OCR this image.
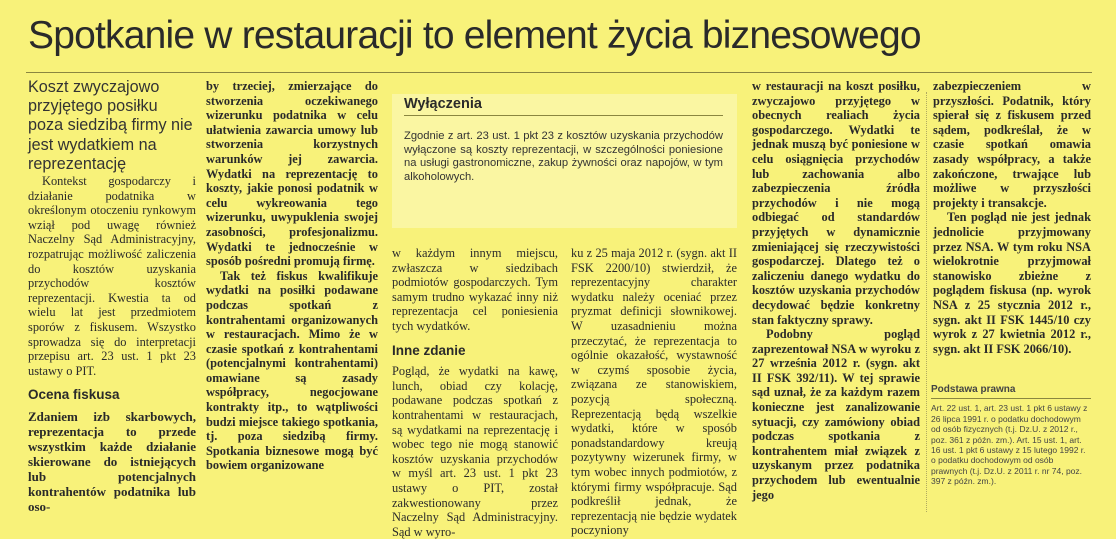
Spotkanie w restauracji to element życia biznesowego

Koszt zwyczajowo przyjętego posiłku poza siedzibą firmy nie jest wydatkiem na reprezentację

Kontekst gospodarczy i działanie podatnika w określonym otoczeniu rynkowym wziął pod uwagę również Naczelny Sąd Administracyjny, rozpatrując możliwość zaliczenia do kosztów uzyskania przychodów kosztów reprezentacji. Kwestia ta od wielu lat jest przedmiotem sporów z fiskusem. Wszystko sprowadza się do interpretacji przepisu art. 23 ust. 1 pkt 23 ustawy o PIT.

Ocena fiskusa

Zdaniem izb skarbowych, reprezentacja to przede wszystkim każde działanie skierowane do istniejących lub potencjalnych kontrahentów podatnika lub oso-

by trzeciej, zmierzające do stworzenia oczekiwanego wizerunku podatnika w celu ułatwienia zawarcia umowy lub stworzenia korzystnych warunków jej zawarcia. Wydatki na reprezentację to koszty, jakie ponosi podatnik w celu wykreowania tego wizerunku, uwypuklenia swojej zasobności, profesjonalizmu. Wydatki te jednocześnie w sposób pośredni promują firmę.

Tak też fiskus kwalifikuje wydatki na posiłki podawane podczas spotkań z kontrahentami organizowanych w restauracjach. Mimo że w czasie spotkań z kontrahentami (potencjalnymi kontrahentami) omawiane są zasady współpracy, negocjowane kontrakty itp., to wątpliwości budzi miejsce takiego spotkania, tj. poza siedzibą firmy. Spotkania biznesowe mogą być bowiem organizowane

Wyłączenia
Zgodnie z art. 23 ust. 1 pkt 23 z kosztów uzyskania przychodów wyłączone są koszty reprezentacji, w szczególności poniesione na usługi gastronomiczne, zakup żywności oraz napojów, w tym alkoholowych.

w każdym innym miejscu, zwłaszcza w siedzibach podmiotów gospodarczych. Tym samym trudno wykazać inny niż reprezentacja cel poniesienia tych wydatków.

Inne zdanie

Pogląd, że wydatki na kawę, lunch, obiad czy kolację, podawane podczas spotkań z kontrahentami w restauracjach, są wydatkami na reprezentację i wobec tego nie mogą stanowić kosztów uzyskania przychodów w myśl art. 23 ust. 1 pkt 23 ustawy o PIT, został zakwestionowany przez Naczelny Sąd Administracyjny. Sąd w wyro-

ku z 25 maja 2012 r. (sygn. akt II FSK 2200/10) stwierdził, że reprezentacyjny charakter wydatku należy oceniać przez pryzmat definicji słownikowej. W uzasadnieniu można przeczytać, że reprezentacja to ogólnie okazałość, wystawność w czymś sposobie życia, związana ze stanowiskiem, pozycją społeczną. Reprezentacją będą wszelkie wydatki, które w sposób ponadstandardowy kreują pozytywny wizerunek firmy, w tym wobec innych podmiotów, z którymi firmy współpracuje. Sąd podkreślił jednak, że reprezentacją nie będzie wydatek poczyniony

w restauracji na koszt posiłku, zwyczajowo przyjętego w obecnych realiach życia gospodarczego. Wydatki te jednak muszą być poniesione w celu osiągnięcia przychodów lub zachowania albo zabezpieczenia źródła przychodów i nie mogą odbiegać od standardów przyjętych w dynamicznie zmieniającej się rzeczywistości gospodarczej. Dlatego też o zaliczeniu danego wydatku do kosztów uzyskania przychodów decydować będzie konkretny stan faktyczny sprawy.

Podobny pogląd zaprezentował NSA w wyroku z 27 września 2012 r. (sygn. akt II FSK 392/11). W tej sprawie sąd uznał, że za każdym razem konieczne jest zanalizowanie sytuacji, czy zamówiony obiad podczas spotkania z kontrahentem miał związek z uzyskanym przez podatnika przychodem lub ewentualnie jego

zabezpieczeniem w przyszłości. Podatnik, który spierał się z fiskusem przed sądem, podkreślał, że w czasie spotkań omawia zasady współpracy, a także zakończone, trwające lub możliwe w przyszłości projekty i transakcje.

Ten pogląd nie jest jednak jednolicie przyjmowany przez NSA. W tym roku NSA wielokrotnie przyjmował stanowisko zbieżne z poglądem fiskusa (np. wyrok NSA z 25 stycznia 2012 r., sygn. akt II FSK 1445/10 czy wyrok z 27 kwietnia 2012 r., sygn. akt II FSK 2066/10).

Podstawa prawna
Art. 22 ust. 1, art. 23 ust. 1 pkt 6 ustawy z 26 lipca 1991 r. o podatku dochodowym od osób fizycznych (t.j. Dz.U. z 2012 r., poz. 361 z późn. zm.). Art. 15 ust. 1, art. 16 ust. 1 pkt 6 ustawy z 15 lutego 1992 r. o podatku dochodowym od osób prawnych (t.j. Dz.U. z 2011 r. nr 74, poz. 397 z późn. zm.).
